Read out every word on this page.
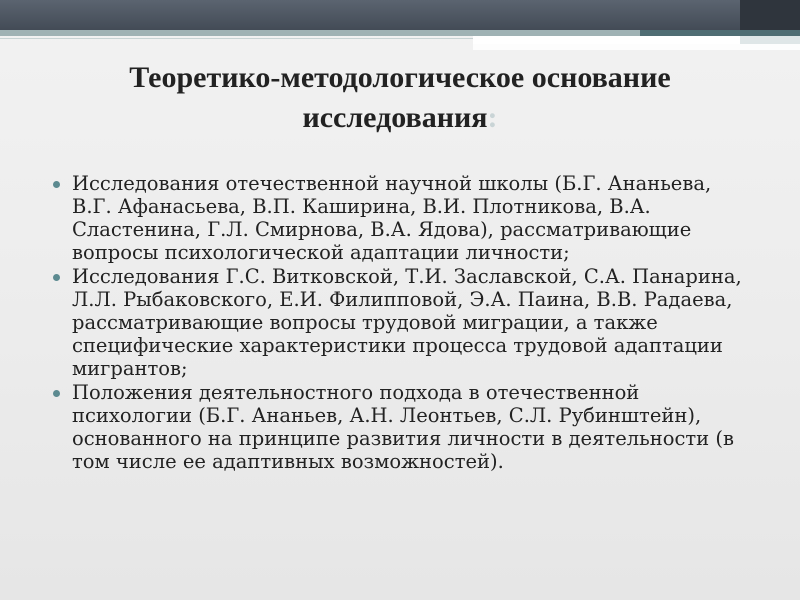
Теоретико-методологическое основание исследования:
Исследования отечественной научной школы (Б.Г. Ананьева, В.Г. Афанасьева, В.П. Каширина, В.И. Плотникова, В.А. Сластенина, Г.Л. Смирнова, В.А. Ядова), рассматривающие вопросы психологической адаптации личности;
Исследования Г.С. Витковской, Т.И. Заславской, С.А. Панарина, Л.Л. Рыбаковского, Е.И. Филипповой, Э.А. Паина, В.В. Радаева, рассматривающие вопросы трудовой миграции, а также специфические характеристики процесса трудовой адаптации мигрантов;
Положения деятельностного подхода в отечественной психологии (Б.Г. Ананьев, А.Н. Леонтьев, С.Л. Рубинштейн), основанного на принципе развития личности в деятельности (в том числе ее адаптивных возможностей).
